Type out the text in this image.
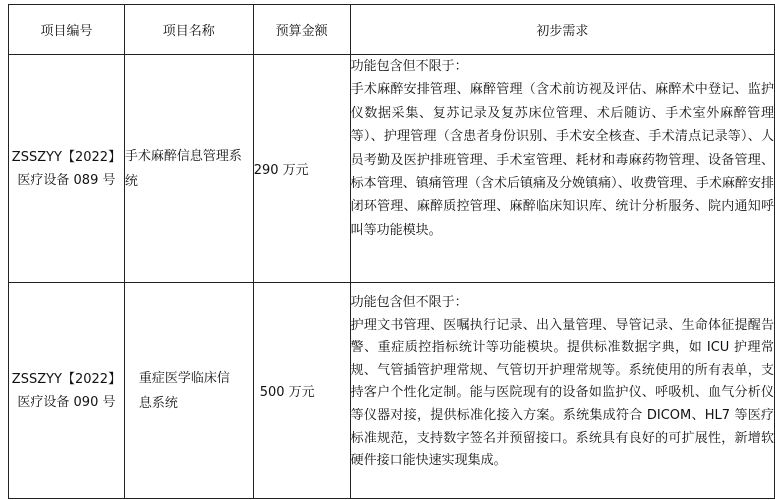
项目编号	项目名称	预算金额	初步需求

ZSSZYY【2022】
医疗设备 089 号	手术麻醉信息管理系统	290 万元	功能包含但不限于：
手术麻醉安排管理、麻醉管理（含术前访视及评估、麻醉术中登记、监护仪数据采集、复苏记录及复苏床位管理、术后随访、手术室外麻醉管理等）、护理管理（含患者身份识别、手术安全核查、手术清点记录等）、人员考勤及医护排班管理、手术室管理、耗材和毒麻药物管理、设备管理、标本管理、镇痛管理（含术后镇痛及分娩镇痛）、收费管理、手术麻醉安排闭环管理、麻醉质控管理、麻醉临床知识库、统计分析服务、院内通知呼叫等功能模块。

ZSSZYY【2022】
医疗设备 090 号	重症医学临床信息系统	500 万元	功能包含但不限于：
护理文书管理、医嘱执行记录、出入量管理、导管记录、生命体征提醒告警、重症质控指标统计等功能模块。提供标准数据字典，如 ICU 护理常规、气管插管护理常规、气管切开护理常规等。系统使用的所有表单，支持客户个性化定制。能与医院现有的设备如监护仪、呼吸机、血气分析仪等仪器对接，提供标准化接入方案。系统集成符合 DICOM、HL7 等医疗标准规范，支持数字签名并预留接口。系统具有良好的可扩展性，新增软硬件接口能快速实现集成。
